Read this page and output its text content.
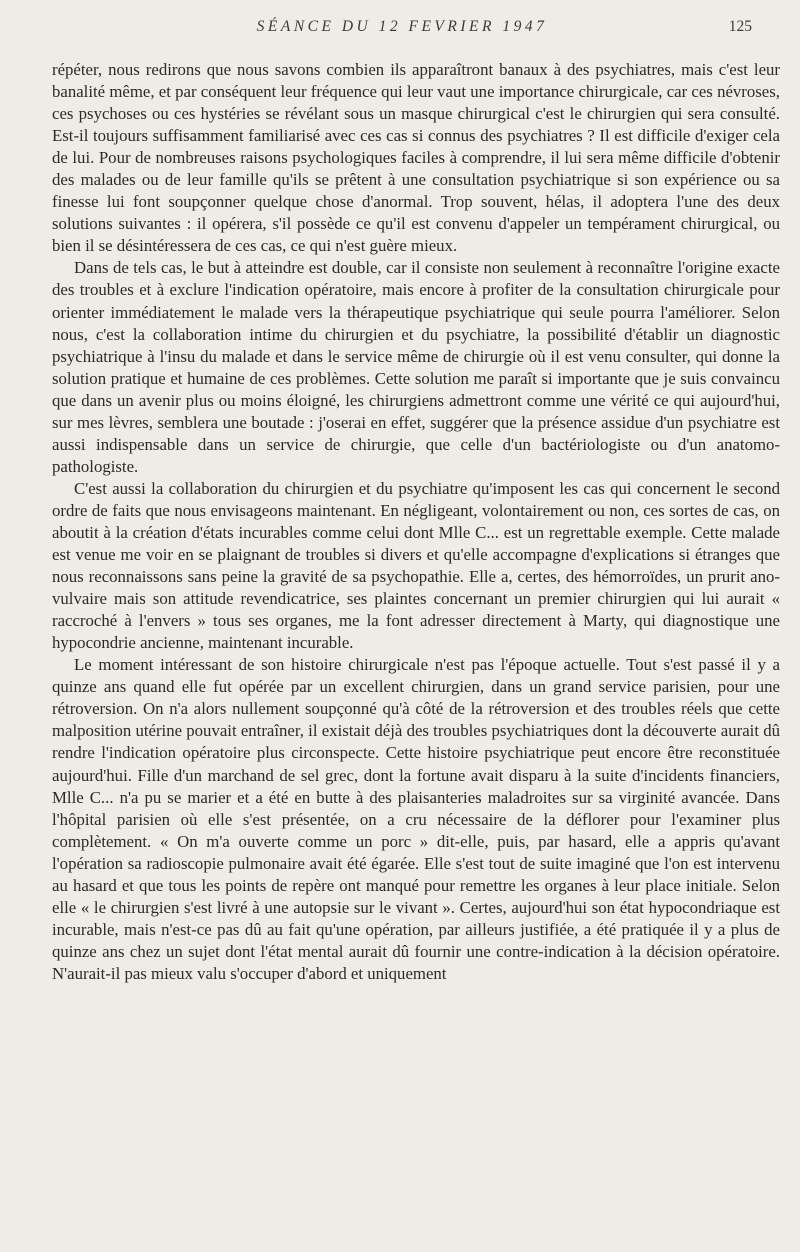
SÉANCE DU 12 FEVRIER 1947	125

répéter, nous redirons que nous savons combien ils apparaîtront banaux à des psychiatres, mais c'est leur banalité même, et par conséquent leur fréquence qui leur vaut une importance chirurgicale, car ces névroses, ces psychoses ou ces hystéries se révélant sous un masque chirurgical c'est le chirurgien qui sera consulté. Est-il toujours suffisamment familiarisé avec ces cas si connus des psychiatres ? Il est difficile d'exiger cela de lui. Pour de nombreuses raisons psychologiques faciles à comprendre, il lui sera même difficile d'obtenir des malades ou de leur famille qu'ils se prêtent à une consultation psychiatrique si son expérience ou sa finesse lui font soupçonner quelque chose d'anormal. Trop souvent, hélas, il adoptera l'une des deux solutions suivantes : il opérera, s'il possède ce qu'il est convenu d'appeler un tempérament chirurgical, ou bien il se désintéressera de ces cas, ce qui n'est guère mieux.

Dans de tels cas, le but à atteindre est double, car il consiste non seulement à reconnaître l'origine exacte des troubles et à exclure l'indication opératoire, mais encore à profiter de la consultation chirurgicale pour orienter immédiatement le malade vers la thérapeutique psychiatrique qui seule pourra l'améliorer. Selon nous, c'est la collaboration intime du chirurgien et du psychiatre, la possibilité d'établir un diagnostic psychiatrique à l'insu du malade et dans le service même de chirurgie où il est venu consulter, qui donne la solution pratique et humaine de ces problèmes. Cette solution me paraît si importante que je suis convaincu que dans un avenir plus ou moins éloigné, les chirurgiens admettront comme une vérité ce qui aujourd'hui, sur mes lèvres, semblera une boutade : j'oserai en effet, suggérer que la présence assidue d'un psychiatre est aussi indispensable dans un service de chirurgie, que celle d'un bactériologiste ou d'un anatomo-pathologiste.

C'est aussi la collaboration du chirurgien et du psychiatre qu'imposent les cas qui concernent le second ordre de faits que nous envisageons maintenant. En négligeant, volontairement ou non, ces sortes de cas, on aboutit à la création d'états incurables comme celui dont Mlle C... est un regrettable exemple. Cette malade est venue me voir en se plaignant de troubles si divers et qu'elle accompagne d'explications si étranges que nous reconnaissons sans peine la gravité de sa psychopathie. Elle a, certes, des hémorroïdes, un prurit ano-vulvaire mais son attitude revendicatrice, ses plaintes concernant un premier chirurgien qui lui aurait « raccroché à l'envers » tous ses organes, me la font adresser directement à Marty, qui diagnostique une hypocondrie ancienne, maintenant incurable.

Le moment intéressant de son histoire chirurgicale n'est pas l'époque actuelle. Tout s'est passé il y a quinze ans quand elle fut opérée par un excellent chirurgien, dans un grand service parisien, pour une rétroversion. On n'a alors nullement soupçonné qu'à côté de la rétroversion et des troubles réels que cette malposition utérine pouvait entraîner, il existait déjà des troubles psychiatriques dont la découverte aurait dû rendre l'indication opératoire plus circonspecte. Cette histoire psychiatrique peut encore être reconstituée aujourd'hui. Fille d'un marchand de sel grec, dont la fortune avait disparu à la suite d'incidents financiers, Mlle C... n'a pu se marier et a été en butte à des plaisanteries maladroites sur sa virginité avancée. Dans l'hôpital parisien où elle s'est présentée, on a cru nécessaire de la déflorer pour l'examiner plus complètement. « On m'a ouverte comme un porc » dit-elle, puis, par hasard, elle a appris qu'avant l'opération sa radioscopie pulmonaire avait été égarée. Elle s'est tout de suite imaginé que l'on est intervenu au hasard et que tous les points de repère ont manqué pour remettre les organes à leur place initiale. Selon elle « le chirurgien s'est livré à une autopsie sur le vivant ». Certes, aujourd'hui son état hypocondriaque est incurable, mais n'est-ce pas dû au fait qu'une opération, par ailleurs justifiée, a été pratiquée il y a plus de quinze ans chez un sujet dont l'état mental aurait dû fournir une contre-indication à la décision opératoire. N'aurait-il pas mieux valu s'occuper d'abord et uniquement
